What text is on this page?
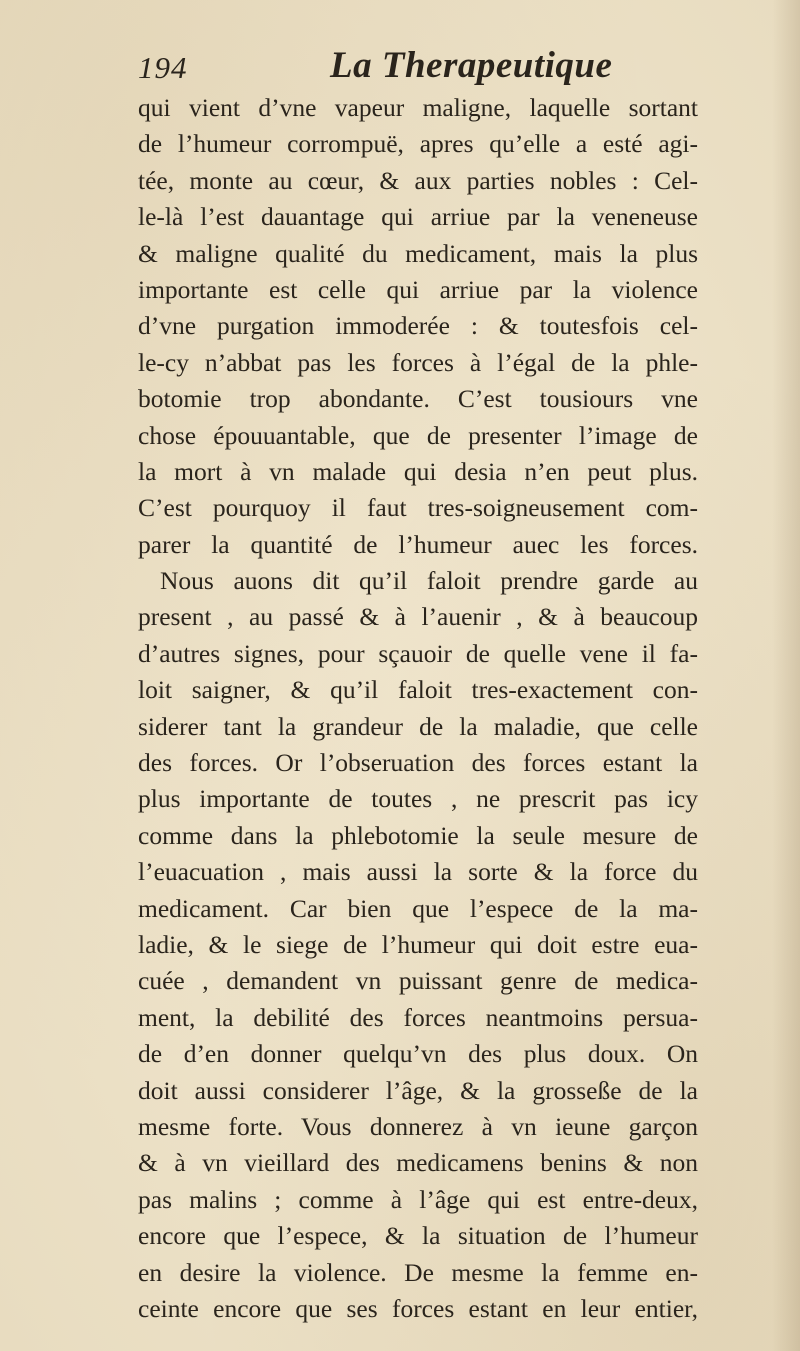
194	La Therapeutique
qui vient d’vne vapeur maligne, laquelle sortant
de l’humeur corrompuë, apres qu’elle a esté agi-
tée, monte au cœur, & aux parties nobles : Cel-
le-là l’est dauantage qui arriue par la veneneuse
& maligne qualité du medicament, mais la plus
importante est celle qui arriue par la violence
d’vne purgation immoderée : & toutesfois cel-
le-cy n’abbat pas les forces à l’égal de la phle-
botomie trop abondante. C’est tousiours vne
chose épouuantable, que de presenter l’image de
la mort à vn malade qui desia n’en peut plus.
C’est pourquoy il faut tres-soigneusement com-
parer la quantité de l’humeur auec les forces.
Nous auons dit qu’il faloit prendre garde au
present , au passé & à l’auenir , & à beaucoup
d’autres signes, pour sçauoir de quelle vene il fa-
loit saigner, & qu’il faloit tres-exactement con-
siderer tant la grandeur de la maladie, que celle
des forces. Or l’obseruation des forces estant la
plus importante de toutes , ne prescrit pas icy
comme dans la phlebotomie la seule mesure de
l’euacuation , mais aussi la sorte & la force du
medicament. Car bien que l’espece de la ma-
ladie, & le siege de l’humeur qui doit estre eua-
cuée , demandent vn puissant genre de medica-
ment, la debilité des forces neantmoins persua-
de d’en donner quelqu’vn des plus doux. On
doit aussi considerer l’âge, & la grosseße de la
mesme forte. Vous donnerez à vn ieune garçon
& à vn vieillard des medicamens benins & non
pas malins ; comme à l’âge qui est entre-deux,
encore que l’espece, & la situation de l’humeur
en desire la violence. De mesme la femme en-
ceinte encore que ses forces estant en leur entier,
